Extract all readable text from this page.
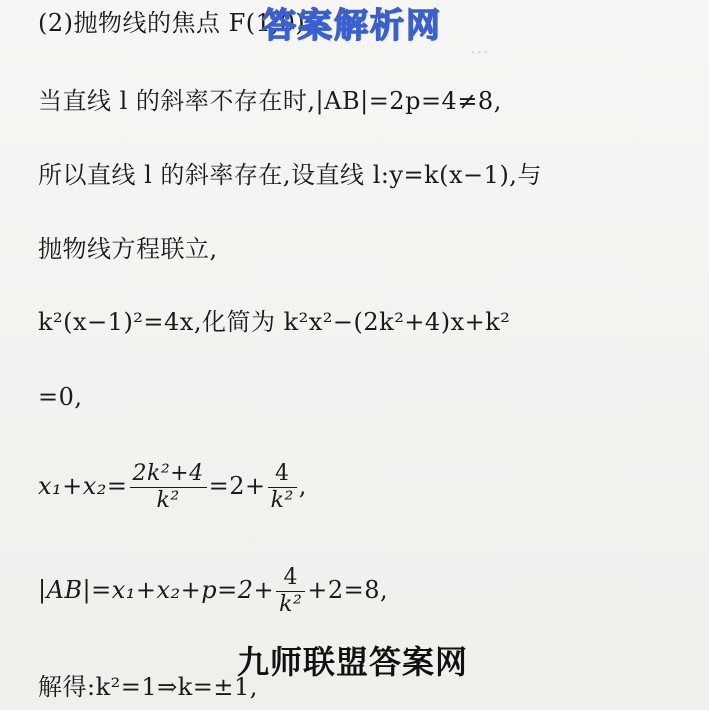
···
(2)抛物线的焦点 F(1,0),
当直线 l 的斜率不存在时,|AB|=2p=4≠8,
所以直线 l 的斜率存在,设直线 l:y=k(x−1),与
抛物线方程联立,
k²(x−1)²=4x,化简为 k²x²−(2k²+4)x+k²
=0,
$x_1+x_2= \frac{\text{2k²+4}}{\text{k²}} =2+ \frac{4}{\text{k²}}$ ,
$|AB|=x_1+x_2+p=2+ \frac{4}{\text{k²}} +2=8$,
解得:k²=1⇒k=±1,
答案解析网
九师联盟答案网
